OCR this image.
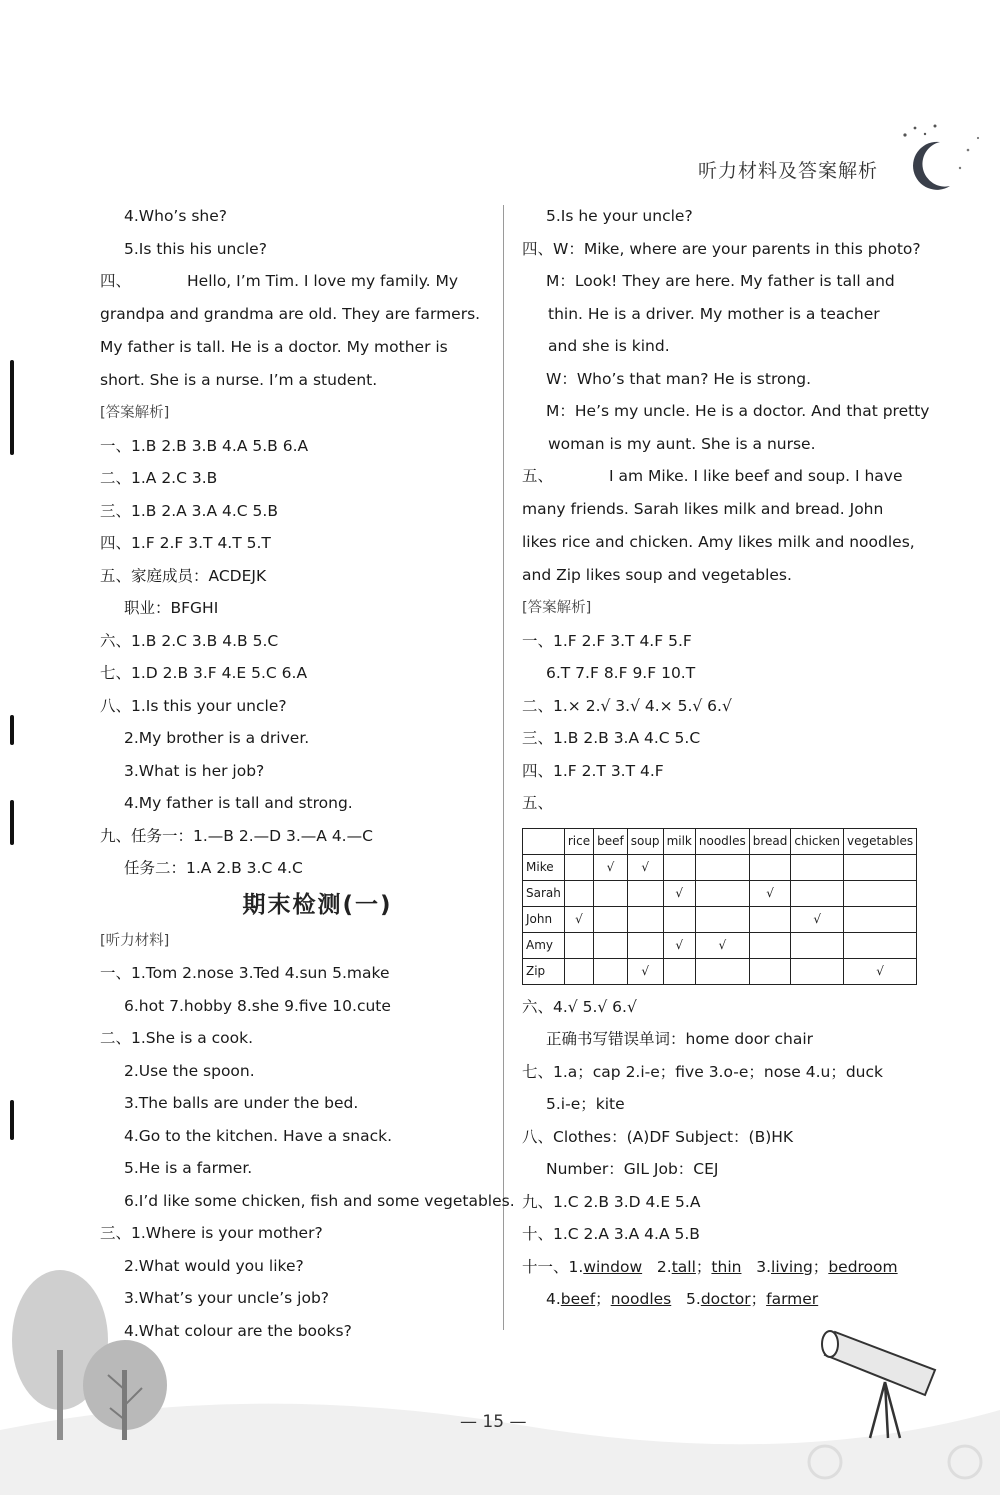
听力材料及答案解析
4.Who’s she?
5.Is this his uncle?
四、	Hello, I’m Tim. I love my family. My grandpa and grandma are old. They are farmers. My father is tall. He is a doctor. My mother is short. She is a nurse. I’m a student.
[答案解析]
一、1.B 2.B 3.B 4.A 5.B 6.A
二、1.A 2.C 3.B
三、1.B 2.A 3.A 4.C 5.B
四、1.F 2.F 3.T 4.T 5.T
五、家庭成员：ACDEJK
职业：BFGHI
六、1.B 2.C 3.B 4.B 5.C
七、1.D 2.B 3.F 4.E 5.C 6.A
八、1.Is this your uncle?
2.My brother is a driver.
3.What is her job?
4.My father is tall and strong.
九、任务一：1.—B 2.—D 3.—A 4.—C
任务二：1.A 2.B 3.C 4.C
期末检测(一)
[听力材料]
一、1.Tom 2.nose 3.Ted 4.sun 5.make
6.hot 7.hobby 8.she 9.five 10.cute
二、1.She is a cook.
2.Use the spoon.
3.The balls are under the bed.
4.Go to the kitchen. Have a snack.
5.He is a farmer.
6.I’d like some chicken, fish and some vegetables.
三、1.Where is your mother?
2.What would you like?
3.What’s your uncle’s job?
4.What colour are the books?
5.Is he your uncle?
四、W：Mike, where are your parents in this photo?
M：Look! They are here. My father is tall and
thin. He is a driver. My mother is a teacher
and she is kind.
W：Who’s that man? He is strong.
M：He’s my uncle. He is a doctor. And that pretty
woman is my aunt. She is a nurse.
五、	I am Mike. I like beef and soup. I have many friends. Sarah likes milk and bread. John likes rice and chicken. Amy likes milk and noodles, and Zip likes soup and vegetables.
[答案解析]
一、1.F 2.F 3.T 4.F 5.F
6.T 7.F 8.F 9.F 10.T
二、1.× 2.√ 3.√ 4.× 5.√ 6.√
三、1.B 2.B 3.A 4.C 5.C
四、1.F 2.T 3.T 4.F
五、
	rice	beef	soup	milk	noodles	bread	chicken	vegetables
Mike		√	√					
Sarah				√		√		
John	√						√	
Amy				√	√			
Zip			√					√
六、4.√ 5.√ 6.√
正确书写错误单词：home door chair
七、1.a；cap 2.i-e；five 3.o-e；nose 4.u；duck
5.i-e；kite
八、Clothes：(A)DF Subject：(B)HK
Number：GIL Job：CEJ
九、1.C 2.B 3.D 4.E 5.A
十、1.C 2.A 3.A 4.A 5.B
十一、1.window   2.tall；thin   3.living；bedroom
4.beef；noodles   5.doctor；farmer
— 15 —
